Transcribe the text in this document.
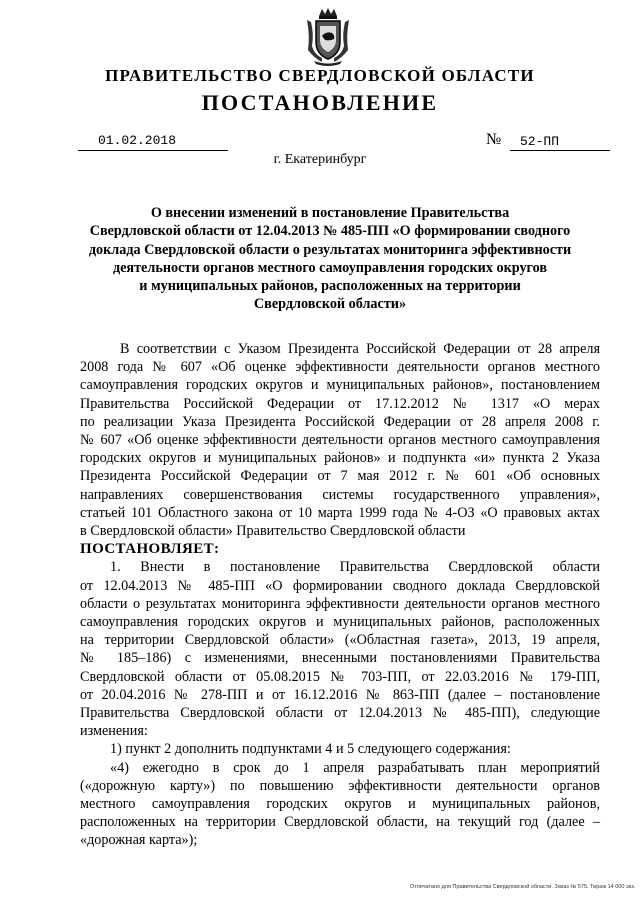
ПРАВИТЕЛЬСТВО СВЕРДЛОВСКОЙ ОБЛАСТИ
ПОСТАНОВЛЕНИЕ
01.02.2018	№ 52-ПП
г. Екатеринбург
О внесении изменений в постановление Правительства
Свердловской области от 12.04.2013 № 485-ПП «О формировании сводного
доклада Свердловской области о результатах мониторинга эффективности
деятельности органов местного самоуправления городских округов
и муниципальных районов, расположенных на территории
Свердловской области»
В соответствии с Указом Президента Российской Федерации от 28 апреля
2008 года № 607 «Об оценке эффективности деятельности органов местного
самоуправления городских округов и муниципальных районов», постановлением
Правительства Российской Федерации от 17.12.2012 № 1317 «О мерах
по реализации Указа Президента Российской Федерации от 28 апреля 2008 г.
№ 607 «Об оценке эффективности деятельности органов местного самоуправления
городских округов и муниципальных районов» и подпункта «и» пункта 2 Указа
Президента Российской Федерации от 7 мая 2012 г. № 601 «Об основных
направлениях совершенствования системы государственного управления»,
статьей 101 Областного закона от 10 марта 1999 года № 4-ОЗ «О правовых актах
в Свердловской области» Правительство Свердловской области
ПОСТАНОВЛЯЕТ:
1. Внести в постановление Правительства Свердловской области
от 12.04.2013 № 485-ПП «О формировании сводного доклада Свердловской
области о результатах мониторинга эффективности деятельности органов местного
самоуправления городских округов и муниципальных районов, расположенных
на территории Свердловской области» («Областная газета», 2013, 19 апреля,
№ 185–186) с изменениями, внесенными постановлениями Правительства
Свердловской области от 05.08.2015 № 703-ПП, от 22.03.2016 № 179-ПП,
от 20.04.2016 № 278-ПП и от 16.12.2016 № 863-ПП (далее – постановление
Правительства Свердловской области от 12.04.2013 № 485-ПП), следующие
изменения:
1) пункт 2 дополнить подпунктами 4 и 5 следующего содержания:
«4) ежегодно в срок до 1 апреля разрабатывать план мероприятий
(«дорожную карту») по повышению эффективности деятельности органов
местного самоуправления городских округов и муниципальных районов,
расположенных на территории Свердловской области, на текущий год (далее –
«дорожная карта»);
Отпечатано для Правительства Свердловской области. Заказ № 575. Тираж 14 000 экз.
